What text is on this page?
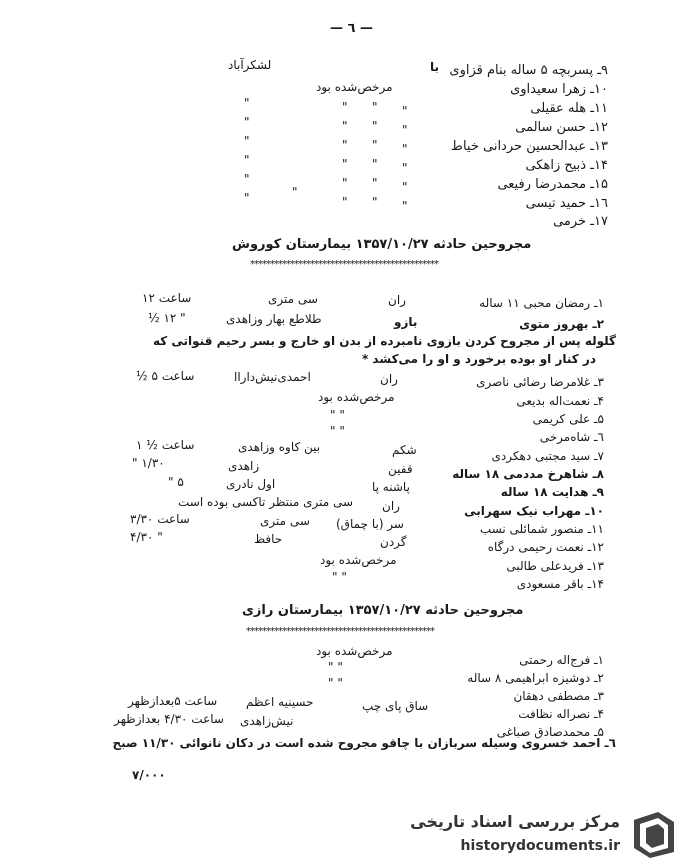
— ٦ —
لشکرآباد	با
مرخص‌شده بود
۹ـ پسربچه ۵ ساله بنام قزاوی
۱۰ـ زهرا سعیداوی
۱۱ـ هله عقیلی
۱۲ـ حسن سالمی
۱۳ـ عبدالحسین حردانی خیاط
۱۴ـ ذبیح زاهکی
۱۵ـ محمدرضا رفیعی
۱٦ـ حمید تیسی
۱۷ـ خرمی
"
"
"
"
"
"	"
"
"
"
"
"
"
"
"
"
"
"
"
"
"
"
"
"
"
مجروحین حادثه ۱۳۵۷/۱۰/۲۷ بیمارستان کوروش
***********************************************
۱ـ رمضان محبی ۱۱ ساله
ران
سی متری
ساعت ۱۲
۲ـ بهروز متوی
بازو
طلاطع بهار وزاهدی
" ۱۲ ½
گلوله پس از مجروح کردن بازوی نامبرده از بدن او خارج و بسر رحیم قنواتی که
در کنار او بوده برخورد و او را می‌کشد *
۳ـ غلامرضا رضائی ناصری
ران
احمدی‌نیش‌داراا
ساعت ۵ ½
۴ـ نعمت‌اله بدیعی
مرخص‌شده بود
۵ـ علی کریمی
" "
٦ـ شاه‌مرخی
" "
۷ـ سید مجتبی دهکردی
شکم
بین کاوه وزاهدی
ساعت ½ ۱
۸ـ شاهرخ مددمی ۱۸ ساله
قفین
زاهدی
" ۱/۳۰
۹ـ هدایت ۱۸ ساله
پاشنه پا
اول نادری
" ۵
۱۰ـ مهراب نیک سهرابی
ران
سی متری منتظر تاکسی بوده است
۱۱ـ منصور شمائلی نسب
سر (با چماق)
سی متری
ساعت ۳/۳۰
۱۲ـ نعمت رحیمی درگاه
گردن
حافظ
" ۴/۳۰
۱۳ـ فریدعلی طالبی
مرخص‌شده بود
۱۴ـ باقر مسعودی
" "
مجروحین حادثه ۱۳۵۷/۱۰/۲۷ بیمارستان رازی
***********************************************
۱ـ فرج‌اله رحمتی
مرخص‌شده بود
۲ـ دوشیزه ابراهیمی ۸ ساله
" "
۳ـ مصطفی دهقان
" "
۴ـ نصراله نظافت
ساق پای چپ
حسینیه اعظم
ساعت ۵بعدازظهر
۵ـ محمدصادق صباغی
نیش‌زاهدی
ساعت ۴/۳۰ بعدازظهر
٦ـ احمد خسروی وسیله سربازان با چاقو مجروح شده است در دکان نانوائی ۱۱/۳۰ صبح
۷/۰۰۰
مرکز بررسی اسناد تاریخی
historydocuments.ir
